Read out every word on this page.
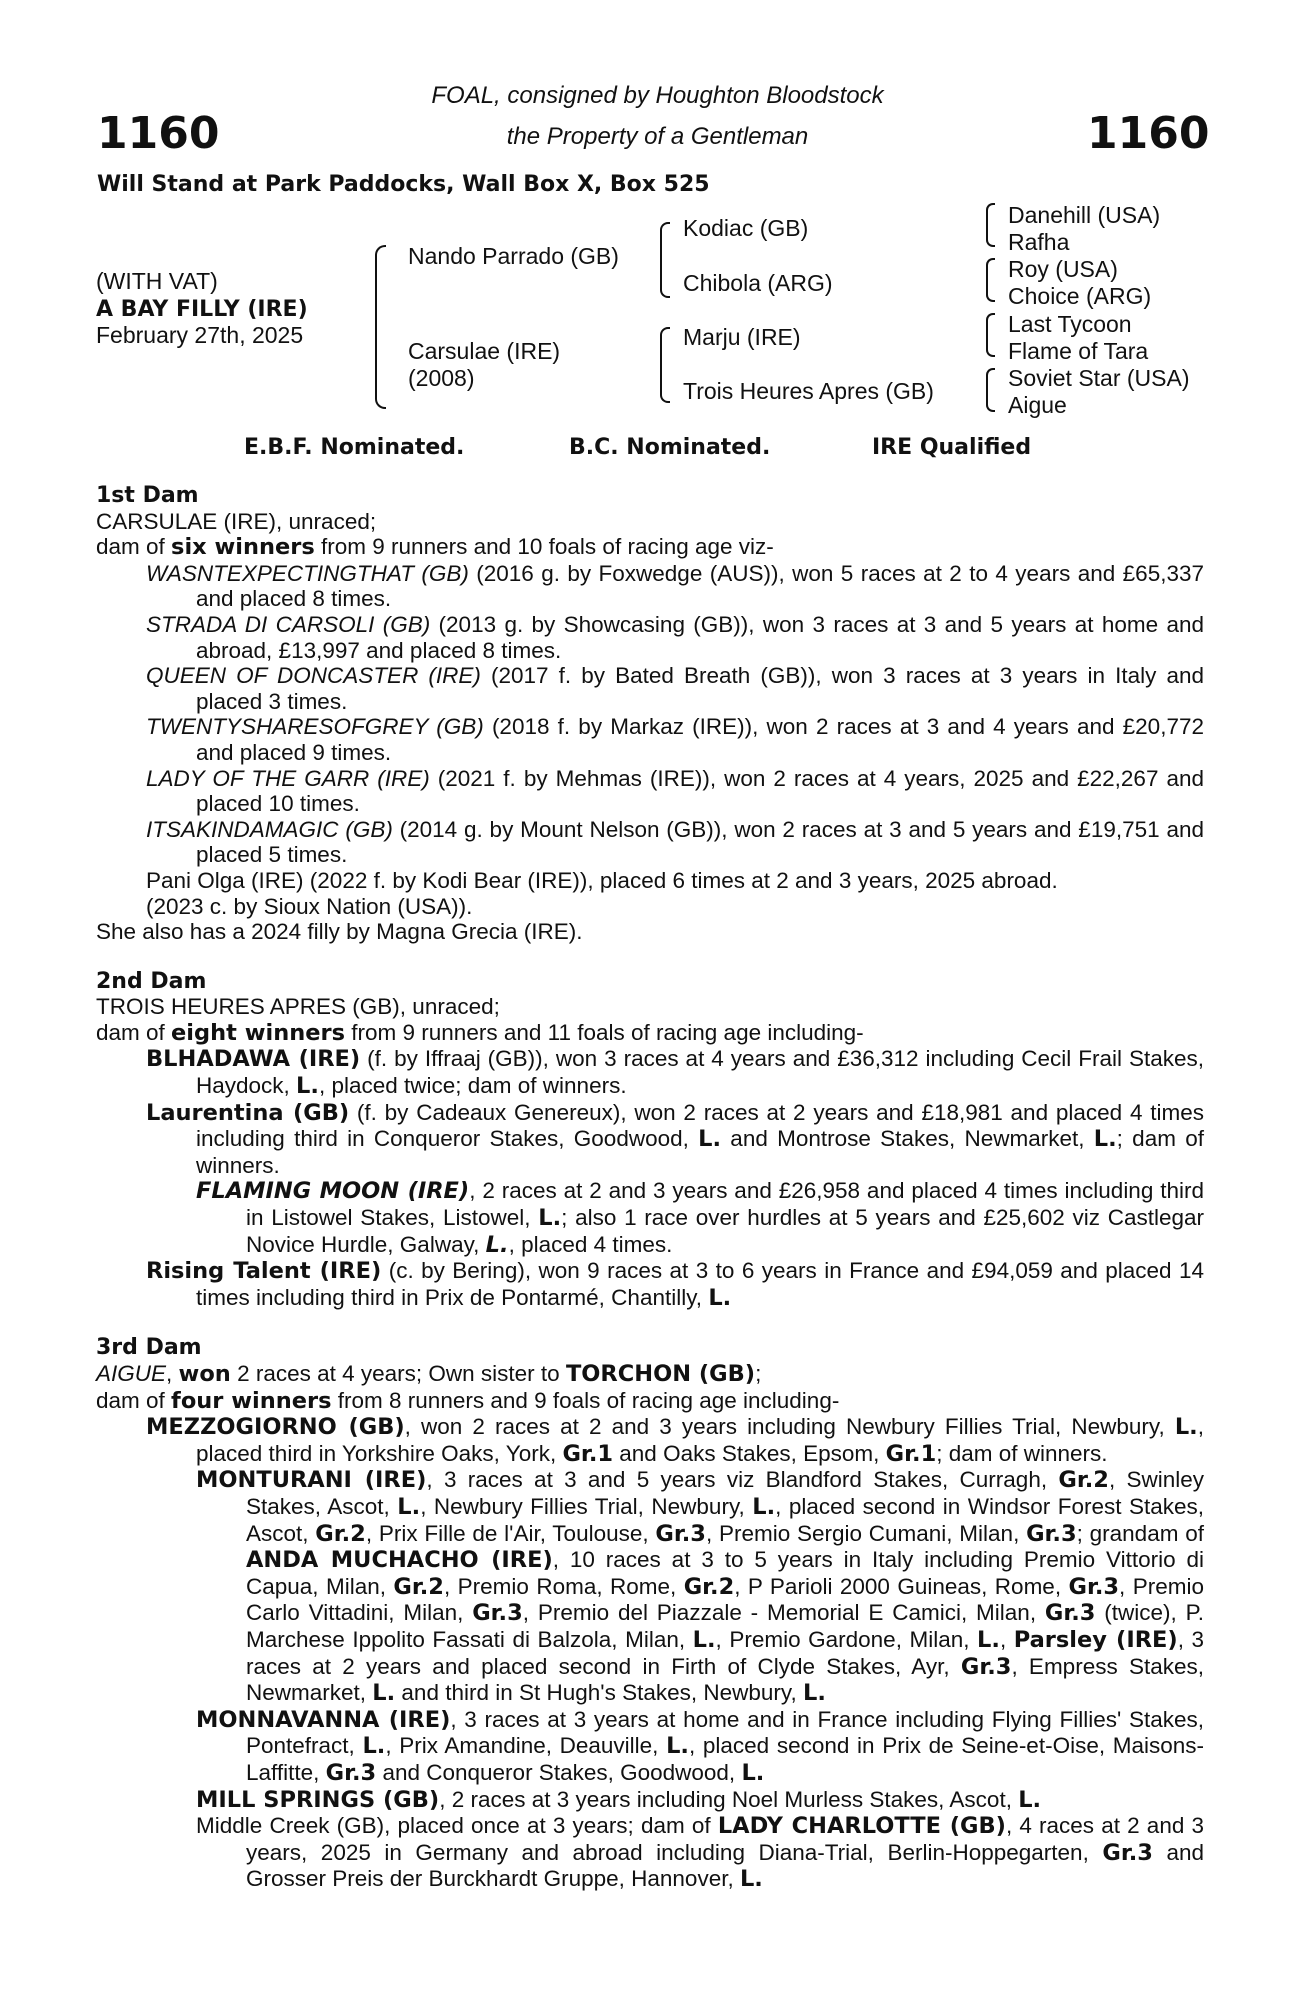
1160	1160
FOAL, consigned by Houghton Bloodstock
the Property of a Gentleman
Will Stand at Park Paddocks, Wall Box X, Box 525
(WITH VAT)
A BAY FILLY (IRE)
February 27th, 2025
Nando Parrado (GB)
Carsulae (IRE)
(2008)
Kodiac (GB)
Chibola (ARG)
Marju (IRE)
Trois Heures Apres (GB)
Danehill (USA)
Rafha
Roy (USA)
Choice (ARG)
Last Tycoon
Flame of Tara
Soviet Star (USA)
Aigue
E.B.F. Nominated.	B.C. Nominated.	IRE Qualified
1st Dam
CARSULAE (IRE), unraced;
dam of six winners from 9 runners and 10 foals of racing age viz-
WASNTEXPECTINGTHAT (GB) (2016 g. by Foxwedge (AUS)), won 5 races at 2 to 4 years and £65,337 and placed 8 times.
STRADA DI CARSOLI (GB) (2013 g. by Showcasing (GB)), won 3 races at 3 and 5 years at home and abroad, £13,997 and placed 8 times.
QUEEN OF DONCASTER (IRE) (2017 f. by Bated Breath (GB)), won 3 races at 3 years in Italy and placed 3 times.
TWENTYSHARESOFGREY (GB) (2018 f. by Markaz (IRE)), won 2 races at 3 and 4 years and £20,772 and placed 9 times.
LADY OF THE GARR (IRE) (2021 f. by Mehmas (IRE)), won 2 races at 4 years, 2025 and £22,267 and placed 10 times.
ITSAKINDAMAGIC (GB) (2014 g. by Mount Nelson (GB)), won 2 races at 3 and 5 years and £19,751 and placed 5 times.
Pani Olga (IRE) (2022 f. by Kodi Bear (IRE)), placed 6 times at 2 and 3 years, 2025 abroad.
(2023 c. by Sioux Nation (USA)).
She also has a 2024 filly by Magna Grecia (IRE).
2nd Dam
TROIS HEURES APRES (GB), unraced;
dam of eight winners from 9 runners and 11 foals of racing age including-
BLHADAWA (IRE) (f. by Iffraaj (GB)), won 3 races at 4 years and £36,312 including Cecil Frail Stakes, Haydock, L., placed twice; dam of winners.
Laurentina (GB) (f. by Cadeaux Genereux), won 2 races at 2 years and £18,981 and placed 4 times including third in Conqueror Stakes, Goodwood, L. and Montrose Stakes, Newmarket, L.; dam of winners.
FLAMING MOON (IRE), 2 races at 2 and 3 years and £26,958 and placed 4 times including third in Listowel Stakes, Listowel, L.; also 1 race over hurdles at 5 years and £25,602 viz Castlegar Novice Hurdle, Galway, L., placed 4 times.
Rising Talent (IRE) (c. by Bering), won 9 races at 3 to 6 years in France and £94,059 and placed 14 times including third in Prix de Pontarmé, Chantilly, L.
3rd Dam
AIGUE, won 2 races at 4 years; Own sister to TORCHON (GB);
dam of four winners from 8 runners and 9 foals of racing age including-
MEZZOGIORNO (GB), won 2 races at 2 and 3 years including Newbury Fillies Trial, Newbury, L., placed third in Yorkshire Oaks, York, Gr.1 and Oaks Stakes, Epsom, Gr.1; dam of winners.
MONTURANI (IRE), 3 races at 3 and 5 years viz Blandford Stakes, Curragh, Gr.2, Swinley Stakes, Ascot, L., Newbury Fillies Trial, Newbury, L., placed second in Windsor Forest Stakes, Ascot, Gr.2, Prix Fille de l'Air, Toulouse, Gr.3, Premio Sergio Cumani, Milan, Gr.3; grandam of ANDA MUCHACHO (IRE), 10 races at 3 to 5 years in Italy including Premio Vittorio di Capua, Milan, Gr.2, Premio Roma, Rome, Gr.2, P Parioli 2000 Guineas, Rome, Gr.3, Premio Carlo Vittadini, Milan, Gr.3, Premio del Piazzale - Memorial E Camici, Milan, Gr.3 (twice), P. Marchese Ippolito Fassati di Balzola, Milan, L., Premio Gardone, Milan, L., Parsley (IRE), 3 races at 2 years and placed second in Firth of Clyde Stakes, Ayr, Gr.3, Empress Stakes, Newmarket, L. and third in St Hugh's Stakes, Newbury, L.
MONNAVANNA (IRE), 3 races at 3 years at home and in France including Flying Fillies' Stakes, Pontefract, L., Prix Amandine, Deauville, L., placed second in Prix de Seine-et-Oise, Maisons-Laffitte, Gr.3 and Conqueror Stakes, Goodwood, L.
MILL SPRINGS (GB), 2 races at 3 years including Noel Murless Stakes, Ascot, L.
Middle Creek (GB), placed once at 3 years; dam of LADY CHARLOTTE (GB), 4 races at 2 and 3 years, 2025 in Germany and abroad including Diana-Trial, Berlin-Hoppegarten, Gr.3 and Grosser Preis der Burckhardt Gruppe, Hannover, L.
